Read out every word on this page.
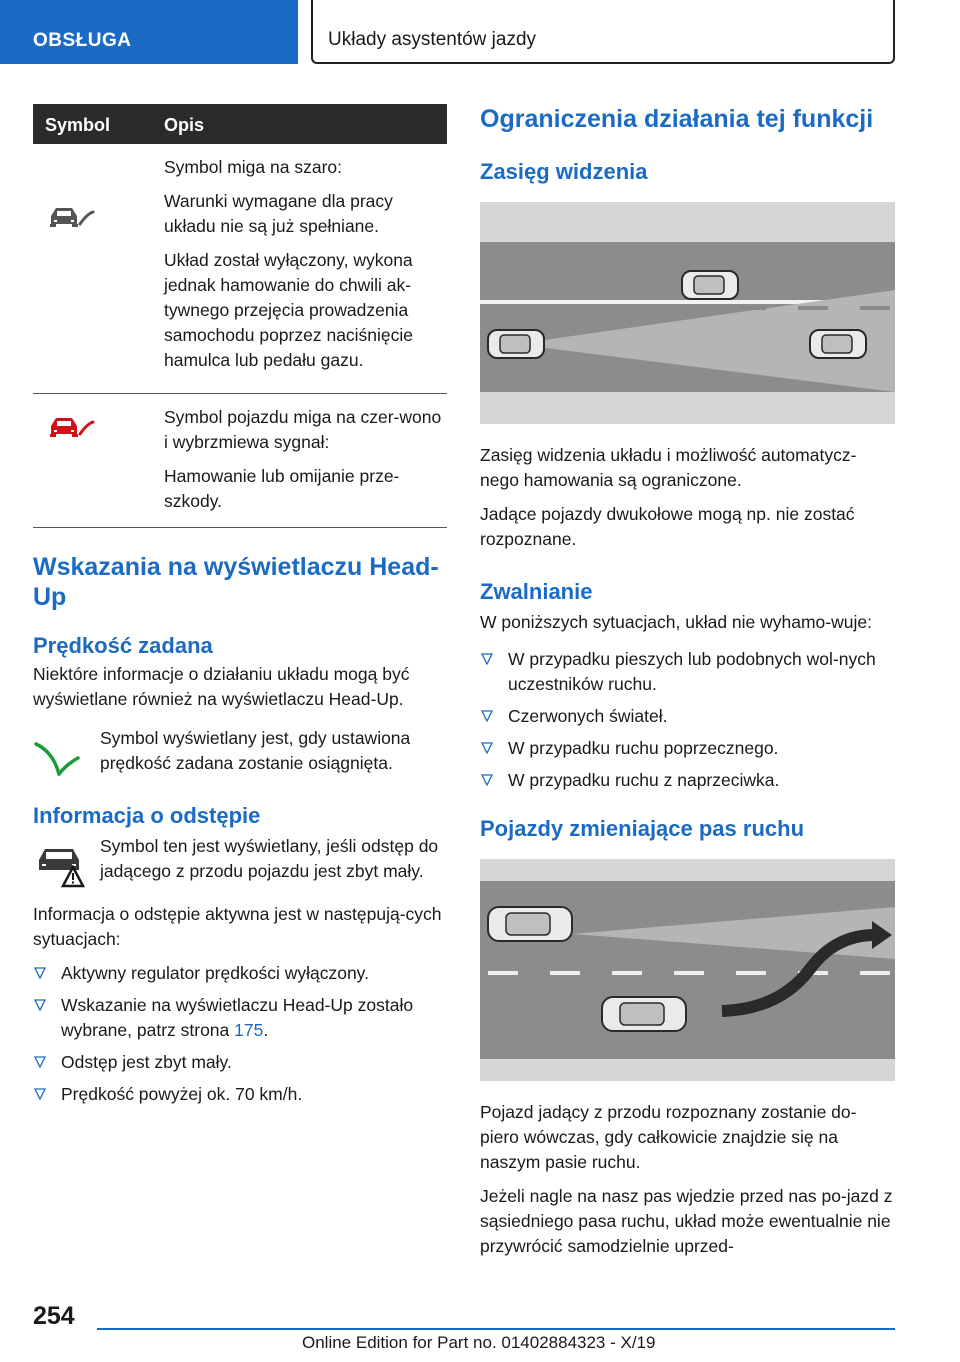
OBSŁUGA	Układy asystentów jazdy
Symbol	Opis

Symbol miga na szaro:

Warunki wymagane dla pracy układu nie są już spełniane.

Układ został wyłączony, wykona jednak hamowanie do chwili ak-tywnego przejęcia prowadzenia samochodu poprzez naciśnięcie hamulca lub pedału gazu.

Symbol pojazdu miga na czer-wono i wybrzmiewa sygnał:

Hamowanie lub omijanie prze-szkody.

Wskazania na wyświetlaczu Head-Up
Prędkość zadana

Niektóre informacje o działaniu układu mogą być wyświetlane również na wyświetlaczu Head-Up.

Symbol wyświetlany jest, gdy ustawiona prędkość zadana zostanie osiągnięta.

Informacja o odstępie

Symbol ten jest wyświetlany, jeśli odstęp do jadącego z przodu pojazdu jest zbyt mały.

Informacja o odstępie aktywna jest w następują-cych sytuacjach:

Aktywny regulator prędkości wyłączony.
Wskazanie na wyświetlaczu Head-Up zostało wybrane, patrz strona 175.
Odstęp jest zbyt mały.
Prędkość powyżej ok. 70 km/h.
Ograniczenia działania tej funkcji
Zasięg widzenia

Zasięg widzenia układu i możliwość automatycz-nego hamowania są ograniczone.

Jadące pojazdy dwukołowe mogą np. nie zostać rozpoznane.

Zwalnianie

W poniższych sytuacjach, układ nie wyhamo-wuje:

W przypadku pieszych lub podobnych wol-nych uczestników ruchu.
Czerwonych świateł.
W przypadku ruchu poprzecznego.
W przypadku ruchu z naprzeciwka.
Pojazdy zmieniające pas ruchu

Pojazd jadący z przodu rozpoznany zostanie do-piero wówczas, gdy całkowicie znajdzie się na naszym pasie ruchu.

Jeżeli nagle na nasz pas wjedzie przed nas po-jazd z sąsiedniego pasa ruchu, układ może ewentualnie nie przywrócić samodzielnie uprzed-

254
Online Edition for Part no. 01402884323 - X/19
